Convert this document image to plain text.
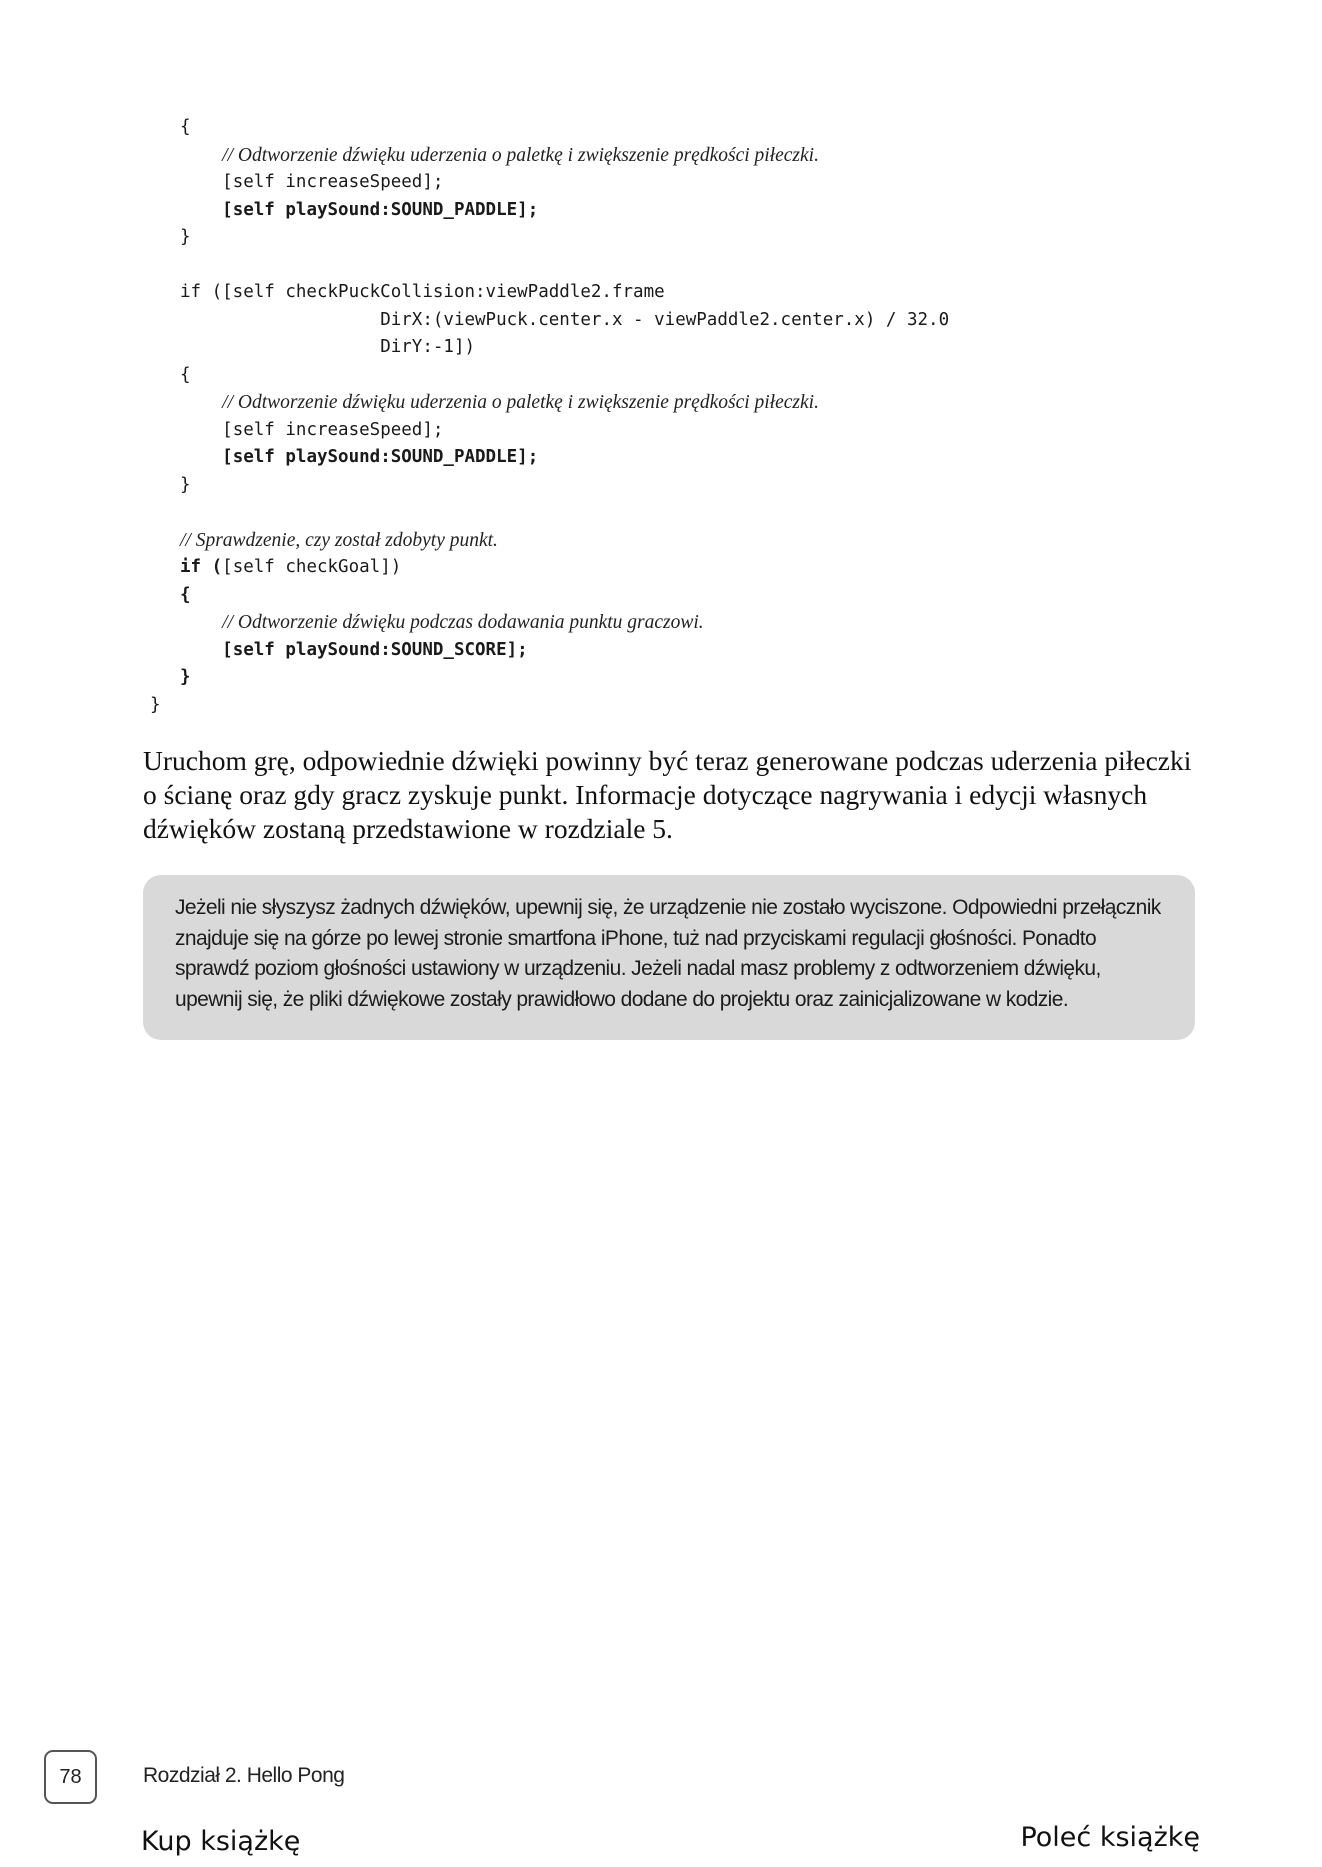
{
// Odtworzenie dźwięku uderzenia o paletkę i zwiększenie prędkości piłeczki.
[self increaseSpeed];
[self playSound:SOUND_PADDLE];
}
if ([self checkPuckCollision:viewPaddle2.frame
DirX:(viewPuck.center.x - viewPaddle2.center.x) / 32.0
DirY:-1])
{
// Odtworzenie dźwięku uderzenia o paletkę i zwiększenie prędkości piłeczki.
[self increaseSpeed];
[self playSound:SOUND_PADDLE];
}
// Sprawdzenie, czy został zdobyty punkt.
if ([self checkGoal])
{
// Odtworzenie dźwięku podczas dodawania punktu graczowi.
[self playSound:SOUND_SCORE];
}
}
Uruchom grę, odpowiednie dźwięki powinny być teraz generowane podczas uderzenia piłeczki o ścianę oraz gdy gracz zyskuje punkt. Informacje dotyczące nagrywania i edycji własnych dźwięków zostaną przedstawione w rozdziale 5.
Jeżeli nie słyszysz żadnych dźwięków, upewnij się, że urządzenie nie zostało wyciszone. Odpowiedni przełącznik znajduje się na górze po lewej stronie smartfona iPhone, tuż nad przyciskami regulacji głośności. Ponadto sprawdź poziom głośności ustawiony w urządzeniu. Jeżeli nadal masz problemy z odtworzeniem dźwięku, upewnij się, że pliki dźwiękowe zostały prawidłowo dodane do projektu oraz zainicjalizowane w kodzie.
78	Rozdział 2. Hello Pong
Kup książkę	Poleć książkę
